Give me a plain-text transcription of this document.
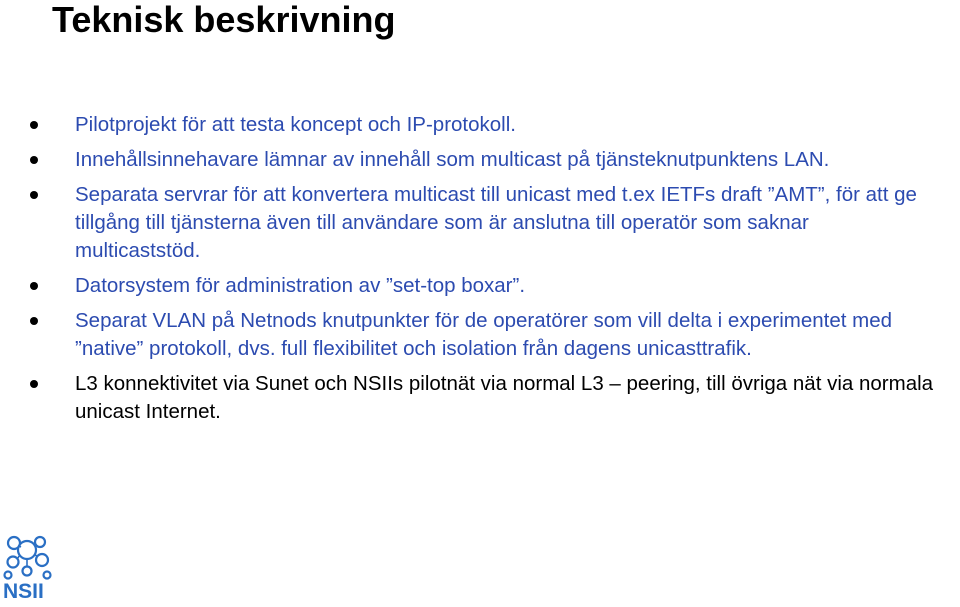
Teknisk beskrivning
Pilotprojekt för att testa koncept och IP-protokoll.
Innehållsinnehavare lämnar av innehåll som multicast på tjänsteknutpunktens LAN.
Separata servrar för att konvertera multicast till unicast med t.ex IETFs draft ”AMT”, för att ge tillgång till tjänsterna även till användare som är anslutna till operatör som saknar multicaststöd.
Datorsystem för administration av ”set-top boxar”.
Separat VLAN på Netnods knutpunkter för de operatörer som vill delta i experimentet med ”native” protokoll, dvs. full flexibilitet och isolation från dagens unicasttrafik.
L3 konnektivitet via Sunet och NSIIs pilotnät via normal L3 – peering, till övriga nät via normala unicast Internet.
NSII
